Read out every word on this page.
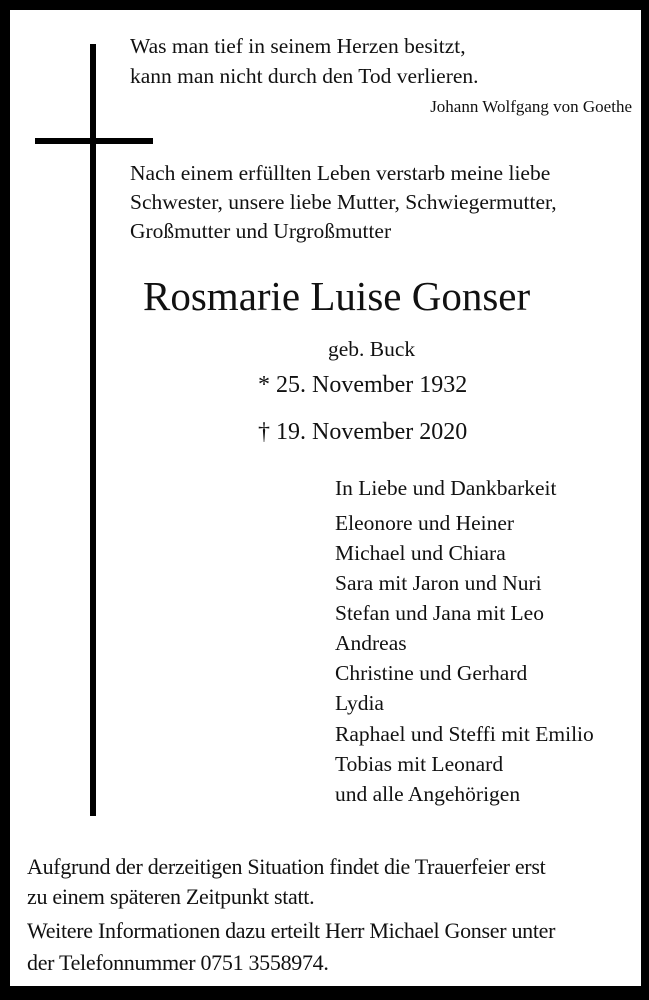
Was man tief in seinem Herzen besitzt,
kann man nicht durch den Tod verlieren.
Johann Wolfgang von Goethe
Nach einem erfüllten Leben verstarb meine liebe
Schwester, unsere liebe Mutter, Schwiegermutter,
Großmutter und Urgroßmutter
Rosmarie Luise Gonser
geb. Buck
* 25. November 1932
† 19. November 2020
In Liebe und Dankbarkeit
Eleonore und Heiner
Michael und Chiara
Sara mit Jaron und Nuri
Stefan und Jana mit Leo
Andreas
Christine und Gerhard
Lydia
Raphael und Steffi mit Emilio
Tobias mit Leonard
und alle Angehörigen
Aufgrund der derzeitigen Situation findet die Trauerfeier erst
zu einem späteren Zeitpunkt statt.
Weitere Informationen dazu erteilt Herr Michael Gonser unter
der Telefonnummer 0751 3558974.
